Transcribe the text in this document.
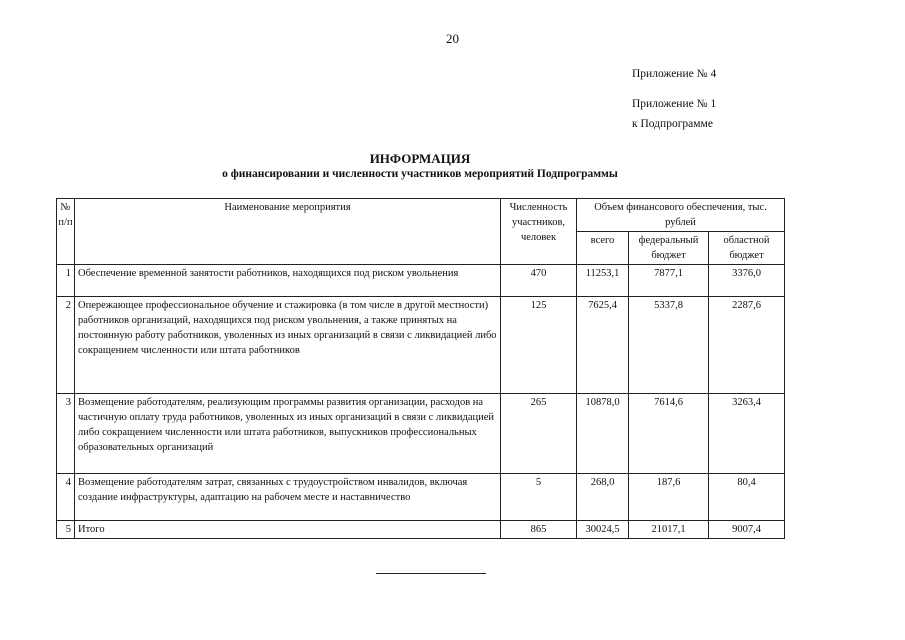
20
Приложение № 4
Приложение № 1
к Подпрограмме
ИНФОРМАЦИЯ
о финансировании и численности участников мероприятий Подпрограммы
№ п/п	Наименование мероприятия	Численность участников, человек	Объем финансового обеспечения, тыс. рублей		
			всего	федеральный бюджет	областной бюджет
1	Обеспечение временной занятости работников, находящихся под риском увольнения	470	11253,1	7877,1	3376,0
2	Опережающее профессиональное обучение и стажировка (в том числе в другой местности) работников организаций, находящихся под риском увольнения, а также принятых на постоянную работу работников, уволенных из иных организаций в связи с ликвидацией либо сокращением численности или штата работников	125	7625,4	5337,8	2287,6
3	Возмещение работодателям, реализующим программы развития организации, расходов на частичную оплату труда работников, уволенных из иных организаций в связи с ликвидацией либо сокращением численности или штата работников, выпускников профессиональных образовательных организаций	265	10878,0	7614,6	3263,4
4	Возмещение работодателям затрат, связанных с трудоустройством инвалидов, включая создание инфраструктуры, адаптацию на рабочем месте и наставничество	5	268,0	187,6	80,4
5	Итого	865	30024,5	21017,1	9007,4
